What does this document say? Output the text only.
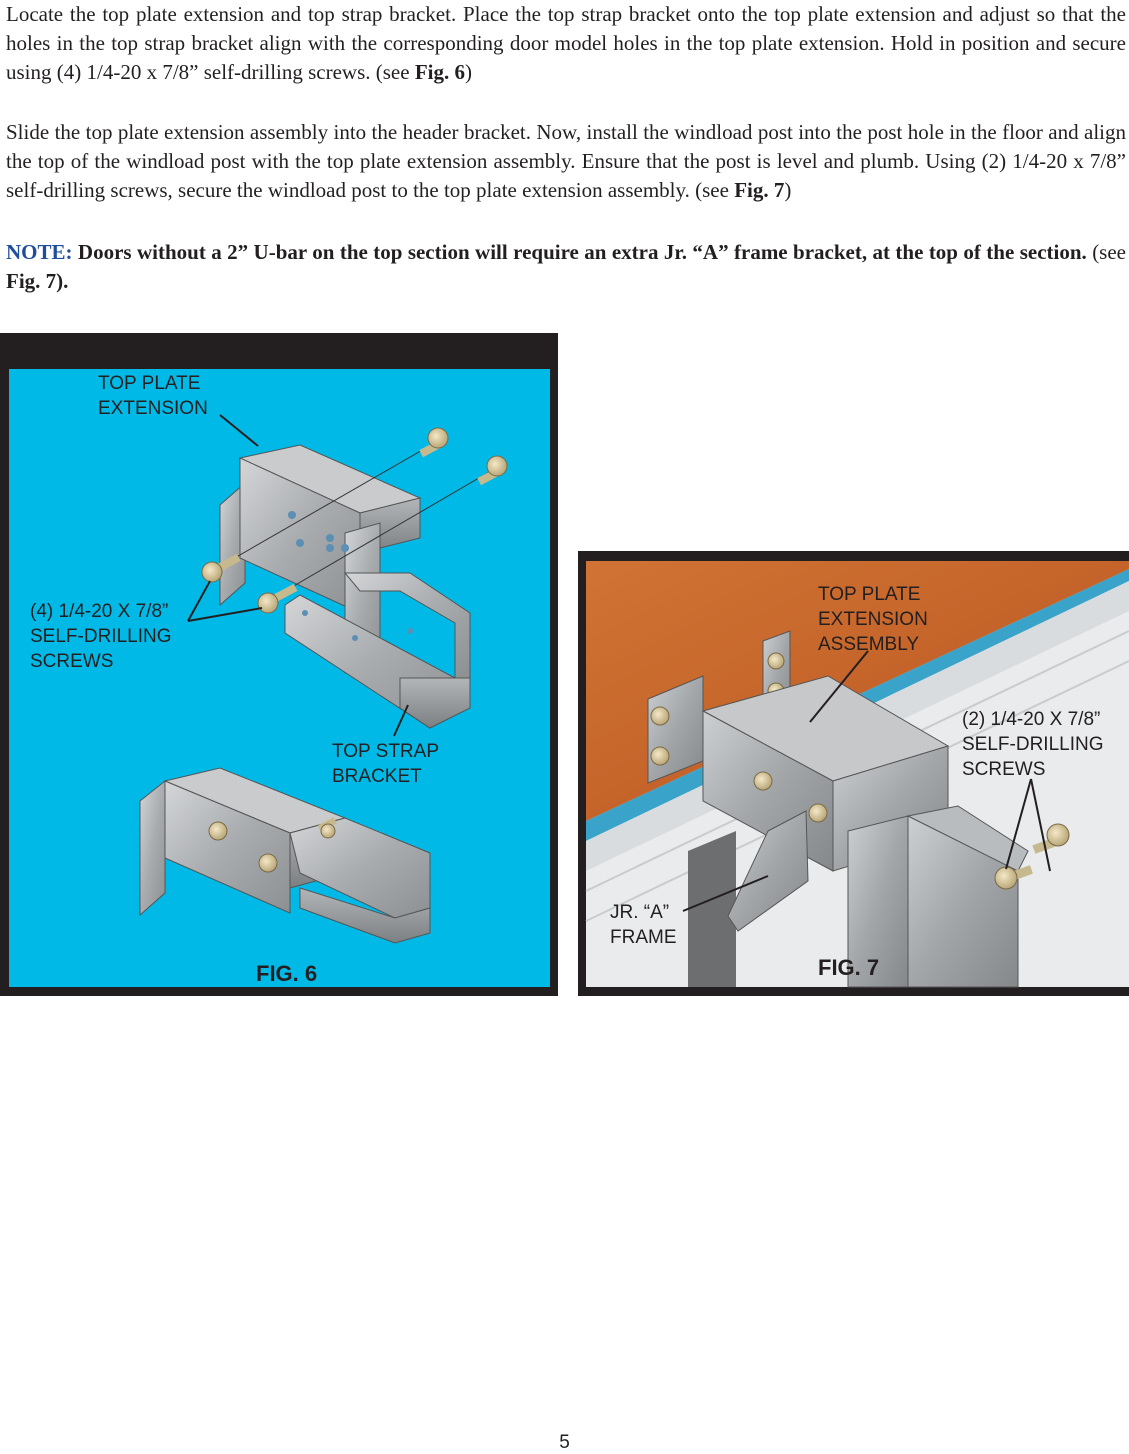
Locate the top plate extension and top strap bracket. Place the top strap bracket onto the top plate extension and adjust so that the holes in the top strap bracket align with the corresponding door model holes in the top plate extension. Hold in position and secure using (4) 1/4-20 x 7/8” self-drilling screws. (see Fig. 6)

Slide the top plate extension assembly into the header bracket. Now, install the windload post into the post hole in the floor and align the top of the windload post with the top plate extension assembly. Ensure that the post is level and plumb. Using (2) 1/4-20 x 7/8” self-drilling screws, secure the windload post to the top plate extension assembly. (see Fig. 7)

NOTE: Doors without a 2” U-bar on the top section will require an extra Jr. “A” frame bracket, at the top of the section. (see Fig. 7).

TOP PLATE
EXTENSION
(4) 1/4-20 X 7/8”
SELF-DRILLING
SCREWS
TOP STRAP
BRACKET
FIG. 6
TOP PLATE
EXTENSION
ASSEMBLY
(2) 1/4-20 X 7/8”
SELF-DRILLING
SCREWS
JR. “A”
FRAME
FIG. 7
5
